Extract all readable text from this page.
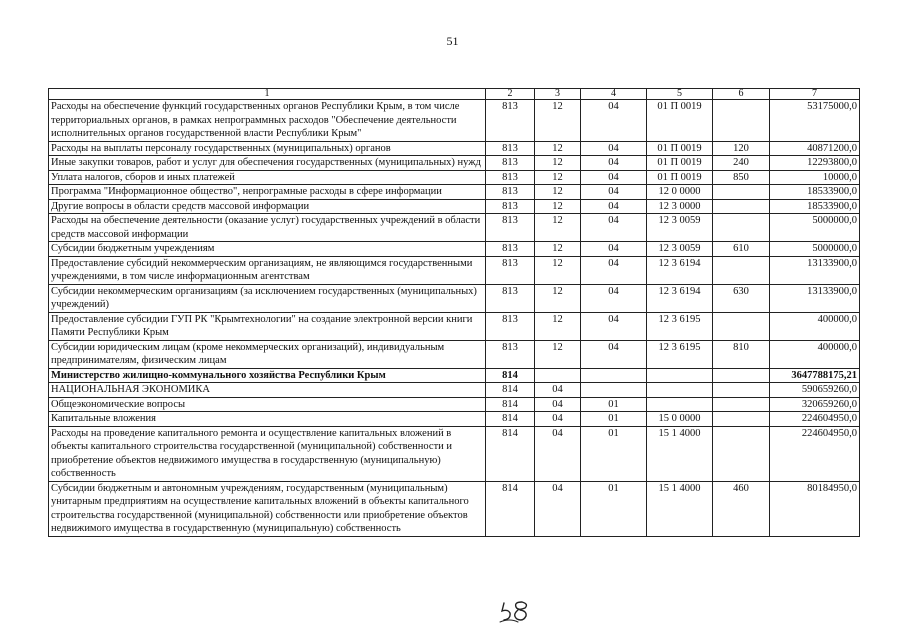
51
1	2	3	4	5	6	7
Расходы на обеспечение функций государственных органов Республики Крым, в том числе территориальных органов, в рамках непрограммных расходов "Обеспечение деятельности исполнительных органов государственной власти Республики Крым"	813	12	04	01 П 0019		53175000,0
Расходы на выплаты персоналу государственных (муниципальных) органов	813	12	04	01 П 0019	120	40871200,0
Иные закупки товаров, работ и услуг для обеспечения государственных (муниципальных) нужд	813	12	04	01 П 0019	240	12293800,0
Уплата налогов, сборов и иных платежей	813	12	04	01 П 0019	850	10000,0
Программа "Информационное общество", непрограмные расходы в сфере информации	813	12	04	12 0 0000		18533900,0
Другие вопросы в области средств массовой информации	813	12	04	12 3 0000		18533900,0
Расходы на обеспечение деятельности (оказание услуг) государственных учреждений в области средств массовой информации	813	12	04	12 3 0059		5000000,0
Субсидии бюджетным учреждениям	813	12	04	12 3 0059	610	5000000,0
Предоставление субсидий некоммерческим организациям, не являющимся государственными учреждениями, в том числе информационным агентствам	813	12	04	12 3 6194		13133900,0
Субсидии некоммерческим организациям (за исключением государственных (муниципальных) учреждений)	813	12	04	12 3 6194	630	13133900,0
Предоставление субсидии ГУП РК "Крымтехнологии" на создание электронной версии книги Памяти Республики Крым	813	12	04	12 3 6195		400000,0
Субсидии юридическим лицам (кроме некоммерческих организаций), индивидуальным предпринимателям, физическим лицам	813	12	04	12 3 6195	810	400000,0
Министерство жилищно-коммунального хозяйства Республики Крым	814					3647788175,21
НАЦИОНАЛЬНАЯ ЭКОНОМИКА	814	04				590659260,0
Общеэкономические вопросы	814	04	01			320659260,0
Капитальные вложения	814	04	01	15 0 0000		224604950,0
Расходы на проведение капитального ремонта и осуществление капитальных вложений в объекты капитального строительства государственной (муниципальной) собственности и приобретение объектов недвижимого имущества в государственную (муниципальную) собственность	814	04	01	15 1 4000		224604950,0
Субсидии бюджетным и автономным учреждениям, государственным (муниципальным) унитарным предприятиям на осуществление капитальных вложений в объекты капитального строительства государственной (муниципальной) собственности или приобретение объектов недвижимого имущества в государственную (муниципальную) собственность	814	04	01	15 1 4000	460	80184950,0
